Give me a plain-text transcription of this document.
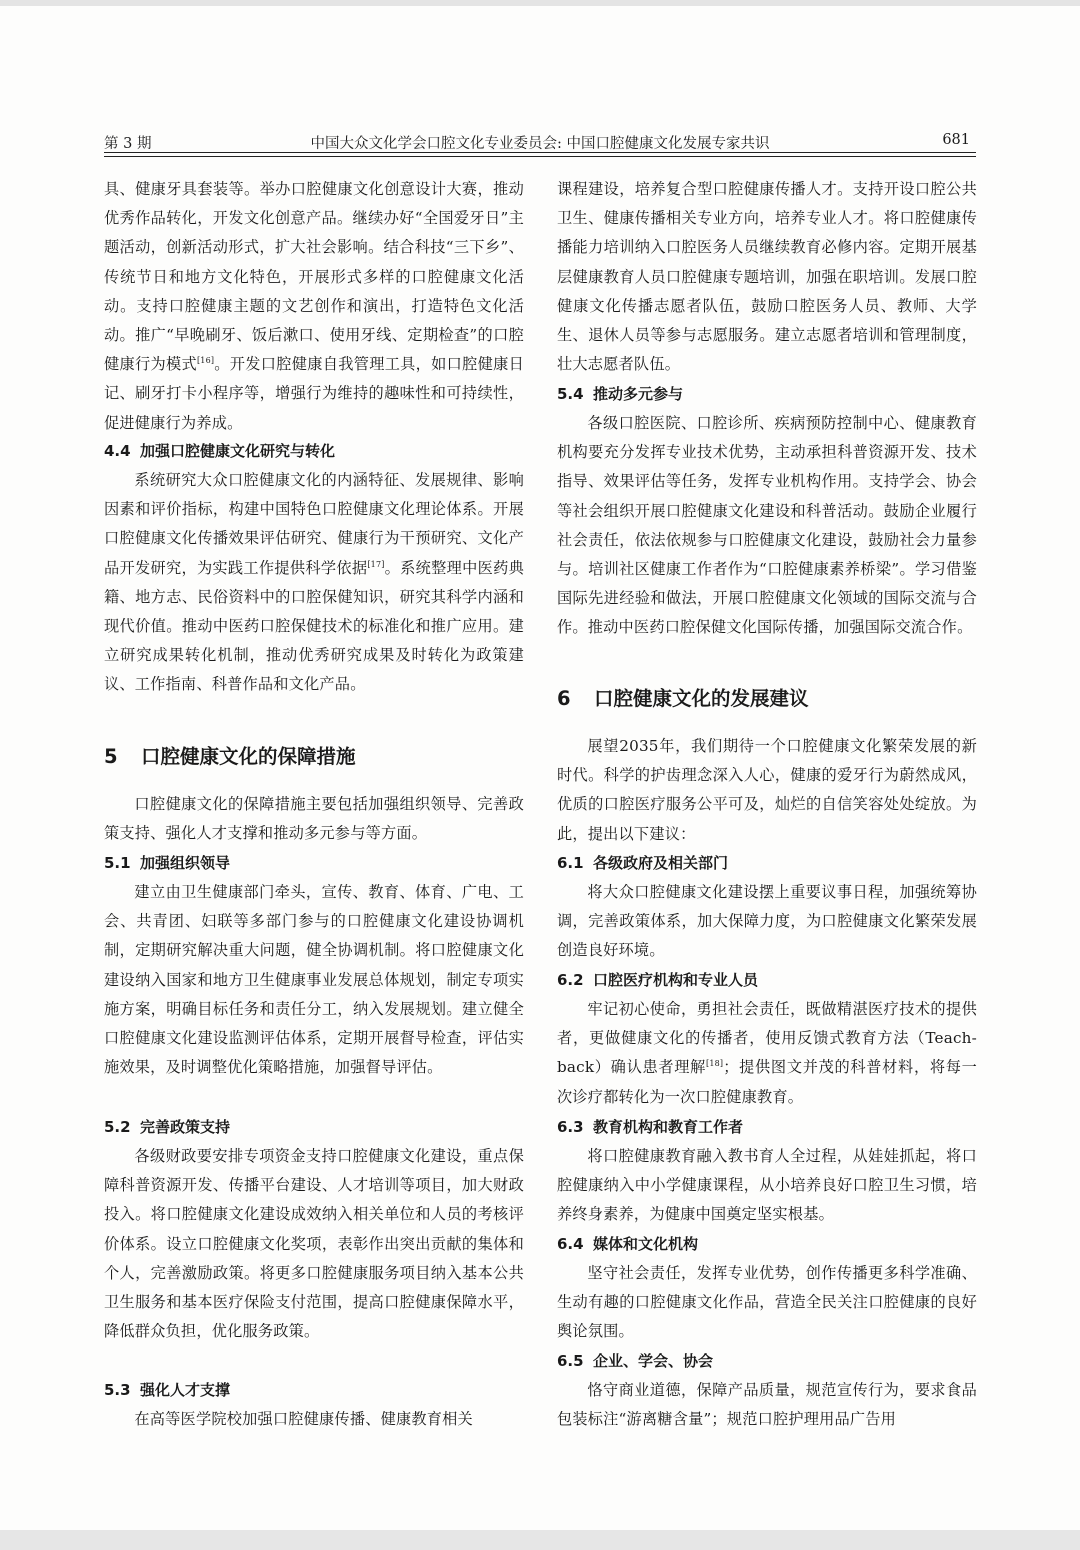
第 3 期	中国大众文化学会口腔文化专业委员会: 中国口腔健康文化发展专家共识	681

具、健康牙具套装等。举办口腔健康文化创意设计大赛，推动优秀作品转化，开发文化创意产品。继续办好“全国爱牙日”主题活动，创新活动形式，扩大社会影响。结合科技“三下乡”、传统节日和地方文化特色，开展形式多样的口腔健康文化活动。支持口腔健康主题的文艺创作和演出，打造特色文化活动。推广“早晚刷牙、饭后漱口、使用牙线、定期检查”的口腔健康行为模式[16]。开发口腔健康自我管理工具，如口腔健康日记、刷牙打卡小程序等，增强行为维持的趣味性和可持续性，促进健康行为养成。

4.4 加强口腔健康文化研究与转化

系统研究大众口腔健康文化的内涵特征、发展规律、影响因素和评价指标，构建中国特色口腔健康文化理论体系。开展口腔健康文化传播效果评估研究、健康行为干预研究、文化产品开发研究，为实践工作提供科学依据[17]。系统整理中医药典籍、地方志、民俗资料中的口腔保健知识，研究其科学内涵和现代价值。推动中医药口腔保健技术的标准化和推广应用。建立研究成果转化机制，推动优秀研究成果及时转化为政策建议、工作指南、科普作品和文化产品。

5 口腔健康文化的保障措施

口腔健康文化的保障措施主要包括加强组织领导、完善政策支持、强化人才支撑和推动多元参与等方面。

5.1 加强组织领导

建立由卫生健康部门牵头，宣传、教育、体育、广电、工会、共青团、妇联等多部门参与的口腔健康文化建设协调机制，定期研究解决重大问题，健全协调机制。将口腔健康文化建设纳入国家和地方卫生健康事业发展总体规划，制定专项实施方案，明确目标任务和责任分工，纳入发展规划。建立健全口腔健康文化建设监测评估体系，定期开展督导检查，评估实施效果，及时调整优化策略措施，加强督导评估。

5.2 完善政策支持

各级财政要安排专项资金支持口腔健康文化建设，重点保障科普资源开发、传播平台建设、人才培训等项目，加大财政投入。将口腔健康文化建设成效纳入相关单位和人员的考核评价体系。设立口腔健康文化奖项，表彰作出突出贡献的集体和个人，完善激励政策。将更多口腔健康服务项目纳入基本公共卫生服务和基本医疗保险支付范围，提高口腔健康保障水平，降低群众负担，优化服务政策。

5.3 强化人才支撑

在高等医学院校加强口腔健康传播、健康教育相关

课程建设，培养复合型口腔健康传播人才。支持开设口腔公共卫生、健康传播相关专业方向，培养专业人才。将口腔健康传播能力培训纳入口腔医务人员继续教育必修内容。定期开展基层健康教育人员口腔健康专题培训，加强在职培训。发展口腔健康文化传播志愿者队伍，鼓励口腔医务人员、教师、大学生、退休人员等参与志愿服务。建立志愿者培训和管理制度，壮大志愿者队伍。

5.4 推动多元参与

各级口腔医院、口腔诊所、疾病预防控制中心、健康教育机构要充分发挥专业技术优势，主动承担科普资源开发、技术指导、效果评估等任务，发挥专业机构作用。支持学会、协会等社会组织开展口腔健康文化建设和科普活动。鼓励企业履行社会责任，依法依规参与口腔健康文化建设，鼓励社会力量参与。培训社区健康工作者作为“口腔健康素养桥梁”。学习借鉴国际先进经验和做法，开展口腔健康文化领域的国际交流与合作。推动中医药口腔保健文化国际传播，加强国际交流合作。

6 口腔健康文化的发展建议

展望2035年，我们期待一个口腔健康文化繁荣发展的新时代。科学的护齿理念深入人心，健康的爱牙行为蔚然成风，优质的口腔医疗服务公平可及，灿烂的自信笑容处处绽放。为此，提出以下建议：

6.1 各级政府及相关部门

将大众口腔健康文化建设摆上重要议事日程，加强统筹协调，完善政策体系，加大保障力度，为口腔健康文化繁荣发展创造良好环境。

6.2 口腔医疗机构和专业人员

牢记初心使命，勇担社会责任，既做精湛医疗技术的提供者，更做健康文化的传播者，使用反馈式教育方法（Teach-back）确认患者理解[18]；提供图文并茂的科普材料，将每一次诊疗都转化为一次口腔健康教育。

6.3 教育机构和教育工作者

将口腔健康教育融入教书育人全过程，从娃娃抓起，将口腔健康纳入中小学健康课程，从小培养良好口腔卫生习惯，培养终身素养，为健康中国奠定坚实根基。

6.4 媒体和文化机构

坚守社会责任，发挥专业优势，创作传播更多科学准确、生动有趣的口腔健康文化作品，营造全民关注口腔健康的良好舆论氛围。

6.5 企业、学会、协会

恪守商业道德，保障产品质量，规范宣传行为，要求食品包装标注“游离糖含量”；规范口腔护理用品广告用
